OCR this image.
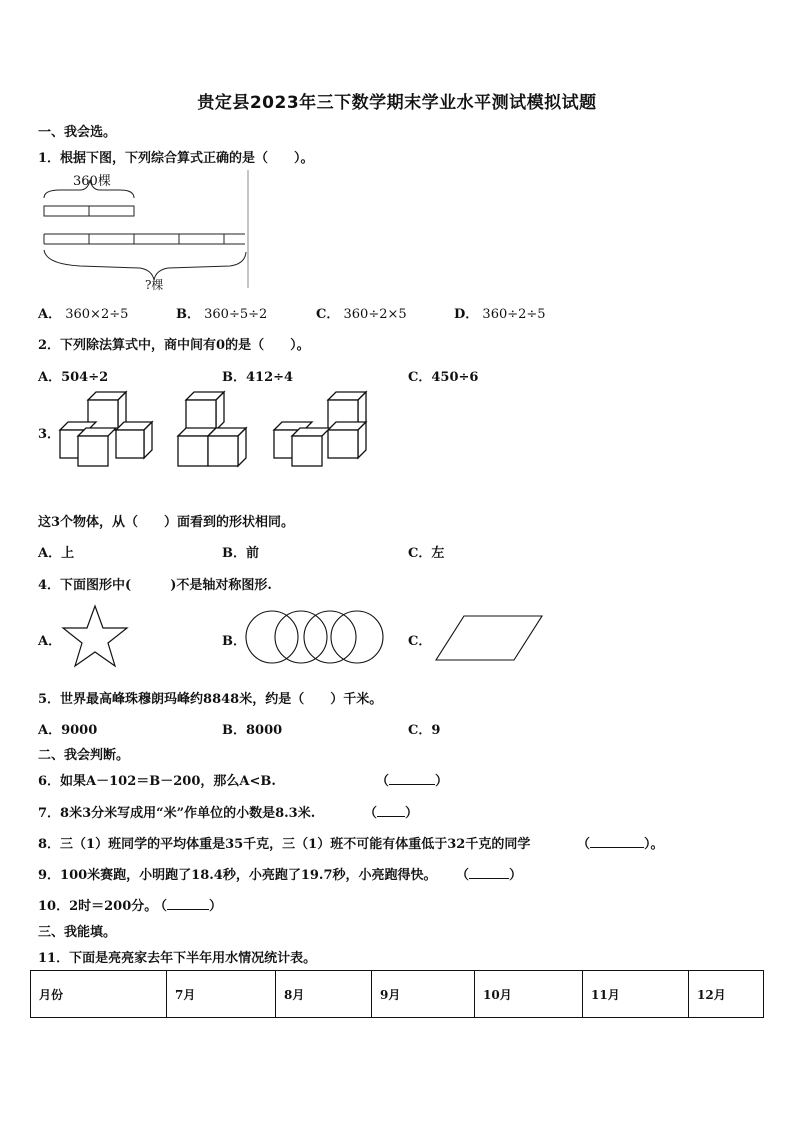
贵定县2023年三下数学期末学业水平测试模拟试题
一、我会选。
1．根据下图，下列综合算式正确的是（　　）。
360棵
?棵
A． 360×2÷5	B． 360÷5÷2	C． 360÷2×5	D． 360÷2÷5
2．下列除法算式中，商中间有0的是（　　）。
A．504÷2	B．412÷4	C．450÷6
3．
这3个物体，从（　　）面看到的形状相同。
A．上	B．前	C．左
4．下面图形中(　　　)不是轴对称图形.
A．	B．	C．
5．世界最高峰珠穆朗玛峰约8848米，约是（　　）千米。
A．9000	B．8000	C．9
二、我会判断。
6．如果A－102＝B－200，那么A<B.	（	）
7．8米3分米写成用“米”作单位的小数是8.3米.	（ ）
8．三（1）班同学的平均体重是35千克，三（1）班不可能有体重低于32千克的同学	（	）。
9．100米赛跑，小明跑了18.4秒，小亮跑了19.7秒，小亮跑得快。 （	）
10．2时＝200分。
（	）
三、我能填。
11．下面是亮亮家去年下半年用水情况统计表。
月份	7月	8月	9月	10月	11月	12月
